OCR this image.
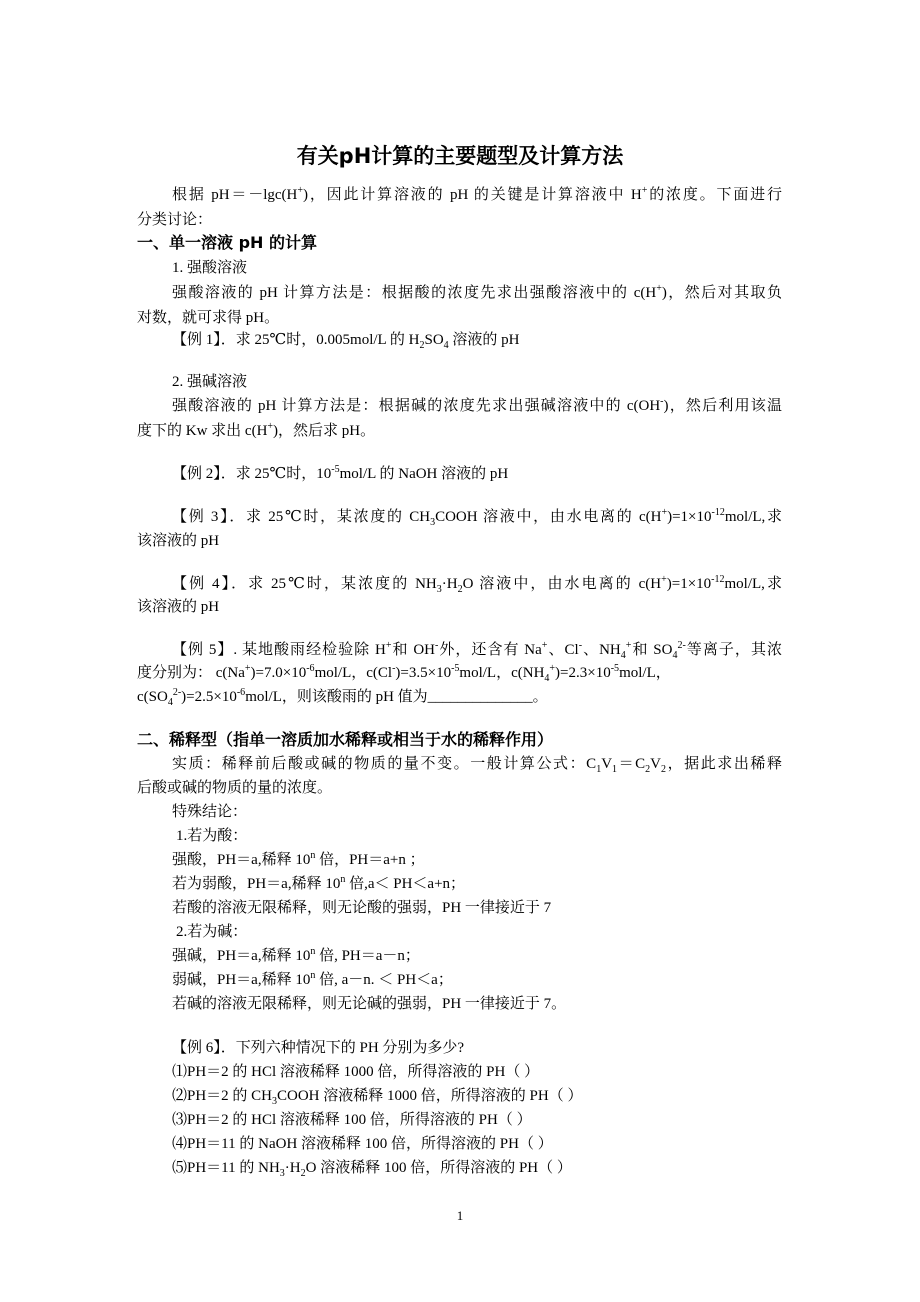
有关pH计算的主要题型及计算方法
根据 pH＝－lgc(H+)，因此计算溶液的 pH 的关键是计算溶液中 H+的浓度。下面进行
分类讨论：
一、单一溶液 pH 的计算
1. 强酸溶液
强酸溶液的 pH 计算方法是：根据酸的浓度先求出强酸溶液中的 c(H+)，然后对其取负
对数，就可求得 pH。
【例 1】．求 25℃时，0.005mol/L 的 $H_2SO_4$ 溶液的 pH
2. 强碱溶液
强酸溶液的 pH 计算方法是：根据碱的浓度先求出强碱溶液中的 c(OH-)，然后利用该温
度下的 Kw 求出 c(H+)，然后求 pH。
【例 2】．求 25℃时，$10^{-5}mol/L$ 的 NaOH 溶液的 pH
【例 3】．求 25℃时，某浓度的 $CH_3COOH$ 溶液中，由水电离的 $c(H^+)=1\times 10^{-12}mol/L$,求
该溶液的 pH
【例 4】．求 25℃时，某浓度的 $NH_3\cdot H_2O$ 溶液中，由水电离的 $c(H^+)=1\times 10^{-12}mol/L$,求
该溶液的 pH
【例 5】. 某地酸雨经检验除 H+和 OH-外，还含有 Na+、Cl-、$NH_4^+$和 $SO_4^{2-}$等离子，其浓
度分别为： $c(Na^+)=7.0\times 10^{-6}mol/L$，$c(Cl^-)=3.5\times 10^{-5}mol/L$，$c(NH_4^+)=2.3\times 10^{-5}mol/L$，
$c(SO_4^{2-})=2.5\times 10^{-6}mol/L$，则该酸雨的 pH 值为______________。
二、稀释型（指单一溶质加水稀释或相当于水的稀释作用）
实质：稀释前后酸或碱的物质的量不变。一般计算公式：$C_1V_1=C_2V_2$，据此求出稀释
后酸或碱的物质的量的浓度。
特殊结论：
1.若为酸：
强酸，PH＝a,稀释 10$^n$ 倍，PH＝a+n ；
若为弱酸，PH＝a,稀释 10$^n$ 倍,a＜ PH＜a+n；
若酸的溶液无限稀释，则无论酸的强弱，PH 一律接近于 7
2.若为碱：
强碱，PH＝a,稀释 10$^n$ 倍, PH＝a－n；
弱碱，PH＝a,稀释 10$^n$ 倍, a－n. ＜ PH＜a；
若碱的溶液无限稀释，则无论碱的强弱，PH 一律接近于 7。
【例 6】．下列六种情况下的 PH 分别为多少?
⑴PH＝2 的 HCl 溶液稀释 1000 倍，所得溶液的 PH（ ）
⑵PH＝2 的 $CH_3COOH$ 溶液稀释 1000 倍，所得溶液的 PH（ ）
⑶PH＝2 的 HCl 溶液稀释 100 倍，所得溶液的 PH（ ）
⑷PH＝11 的 NaOH 溶液稀释 100 倍，所得溶液的 PH（ ）
⑸PH＝11 的 $NH_3\cdot H_2O$ 溶液稀释 100 倍，所得溶液的 PH（ ）
1
